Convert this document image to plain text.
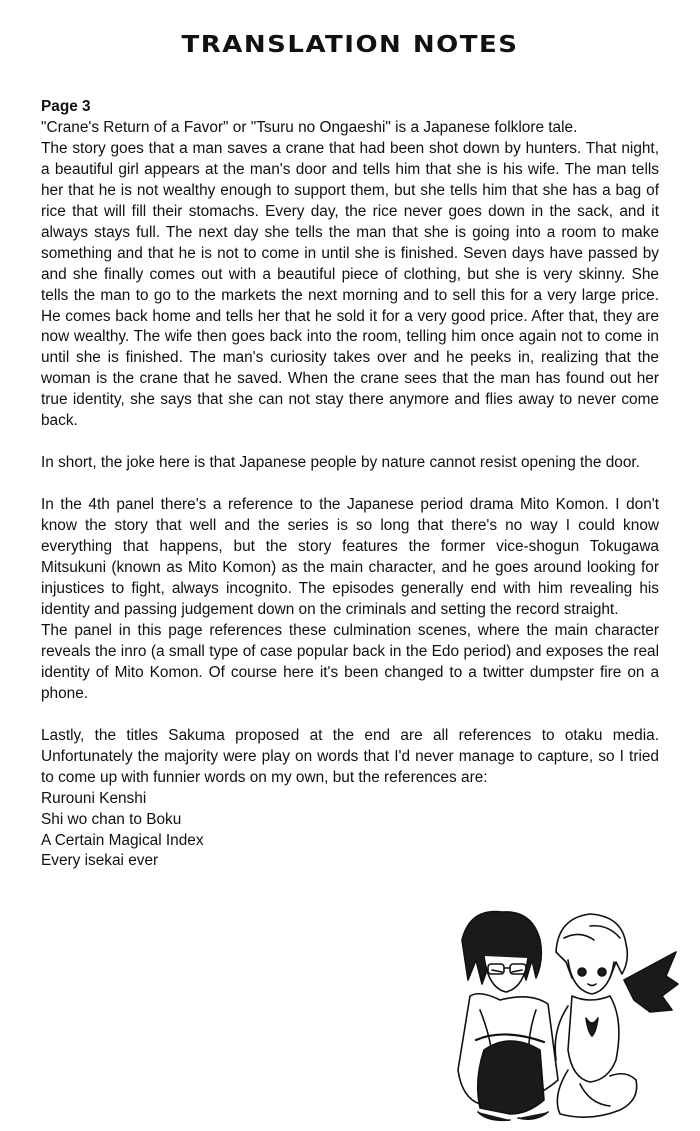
TRANSLATION NOTES

Page 3

"Crane's Return of a Favor" or "Tsuru no Ongaeshi" is a Japanese folklore tale.

The story goes that a man saves a crane that had been shot down by hunters. That night, a beautiful girl appears at the man's door and tells him that she is his wife. The man tells her that he is not wealthy enough to support them, but she tells him that she has a bag of rice that will fill their stomachs. Every day, the rice never goes down in the sack, and it always stays full. The next day she tells the man that she is going into a room to make something and that he is not to come in until she is finished. Seven days have passed by and she finally comes out with a beautiful piece of clothing, but she is very skinny. She tells the man to go to the markets the next morning and to sell this for a very large price. He comes back home and tells her that he sold it for a very good price. After that, they are now wealthy. The wife then goes back into the room, telling him once again not to come in until she is finished. The man's curiosity takes over and he peeks in, realizing that the woman is the crane that he saved. When the crane sees that the man has found out her true identity, she says that she can not stay there anymore and flies away to never come back.

In short, the joke here is that Japanese people by nature cannot resist opening the door.

In the 4th panel there's a reference to the Japanese period drama Mito Komon. I don't know the story that well and the series is so long that there's no way I could know everything that happens, but the story features the former vice-shogun Tokugawa Mitsukuni (known as Mito Komon) as the main character, and he goes around looking for injustices to fight, always incognito. The episodes generally end with him revealing his identity and passing judgement down on the criminals and setting the record straight.

The panel in this page references these culmination scenes, where the main character reveals the inro (a small type of case popular back in the Edo period) and exposes the real identity of Mito Komon. Of course here it's been changed to a twitter dumpster fire on a phone.

Lastly, the titles Sakuma proposed at the end are all references to otaku media. Unfortunately the majority were play on words that I'd never manage to capture, so I tried to come up with funnier words on my own, but the references are:

Rurouni Kenshi

Shi wo chan to Boku

A Certain Magical Index

Every isekai ever
